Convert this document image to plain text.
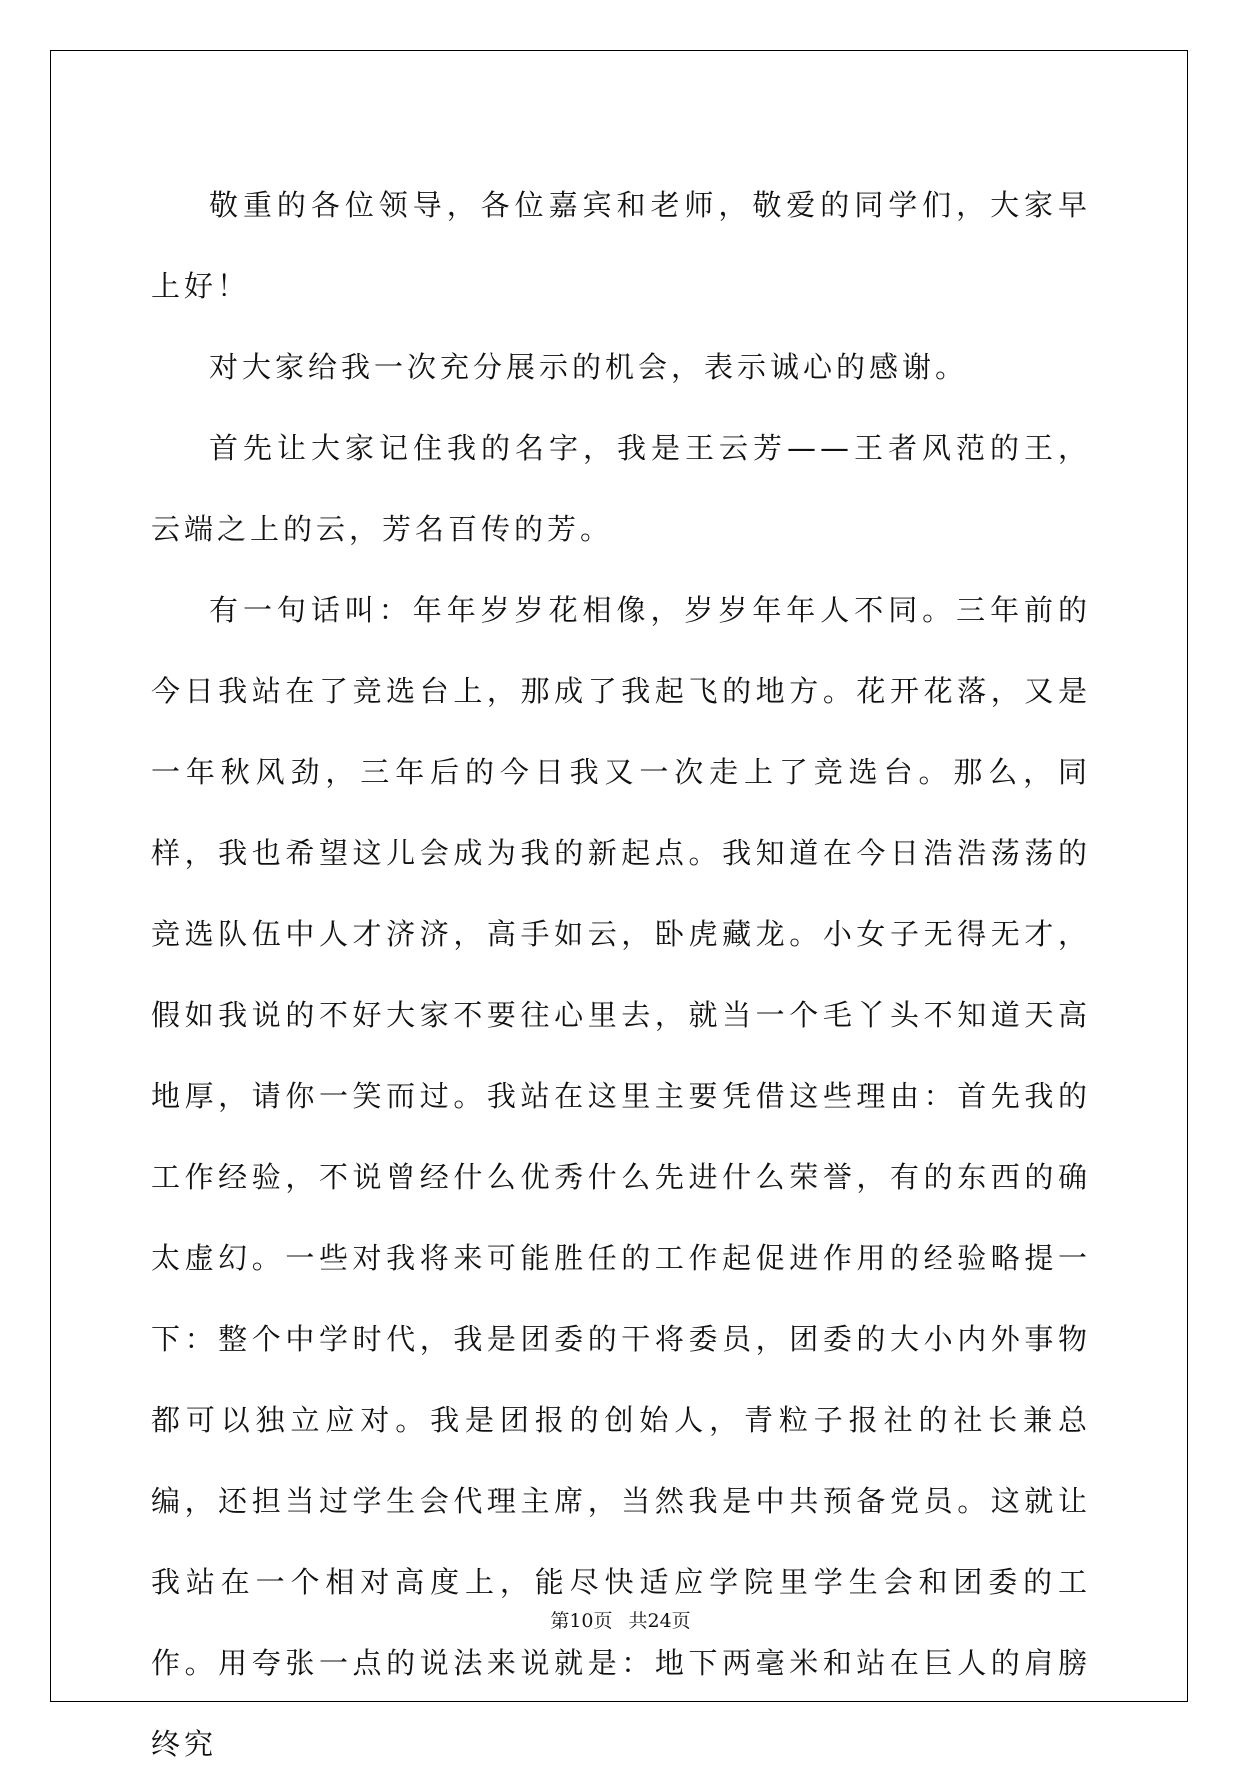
敬重的各位领导，各位嘉宾和老师，敬爱的同学们，大家早上好！

对大家给我一次充分展示的机会，表示诚心的感谢。

首先让大家记住我的名字，我是王云芳——王者风范的王，云端之上的云，芳名百传的芳。

有一句话叫：年年岁岁花相像，岁岁年年人不同。三年前的今日我站在了竞选台上，那成了我起飞的地方。花开花落，又是一年秋风劲，三年后的今日我又一次走上了竞选台。那么，同样，我也希望这儿会成为我的新起点。我知道在今日浩浩荡荡的竞选队伍中人才济济，高手如云，卧虎藏龙。小女子无得无才，假如我说的不好大家不要往心里去，就当一个毛丫头不知道天高地厚，请你一笑而过。我站在这里主要凭借这些理由：首先我的工作经验，不说曾经什么优秀什么先进什么荣誉，有的东西的确太虚幻。一些对我将来可能胜任的工作起促进作用的经验略提一下：整个中学时代，我是团委的干将委员，团委的大小内外事物都可以独立应对。我是团报的创始人，青粒子报社的社长兼总编，还担当过学生会代理主席，当然我是中共预备党员。这就让我站在一个相对高度上，能尽快适应学院里学生会和团委的工作。用夸张一点的说法来说就是：地下两毫米和站在巨人的肩膀终究

第10页 共24页
